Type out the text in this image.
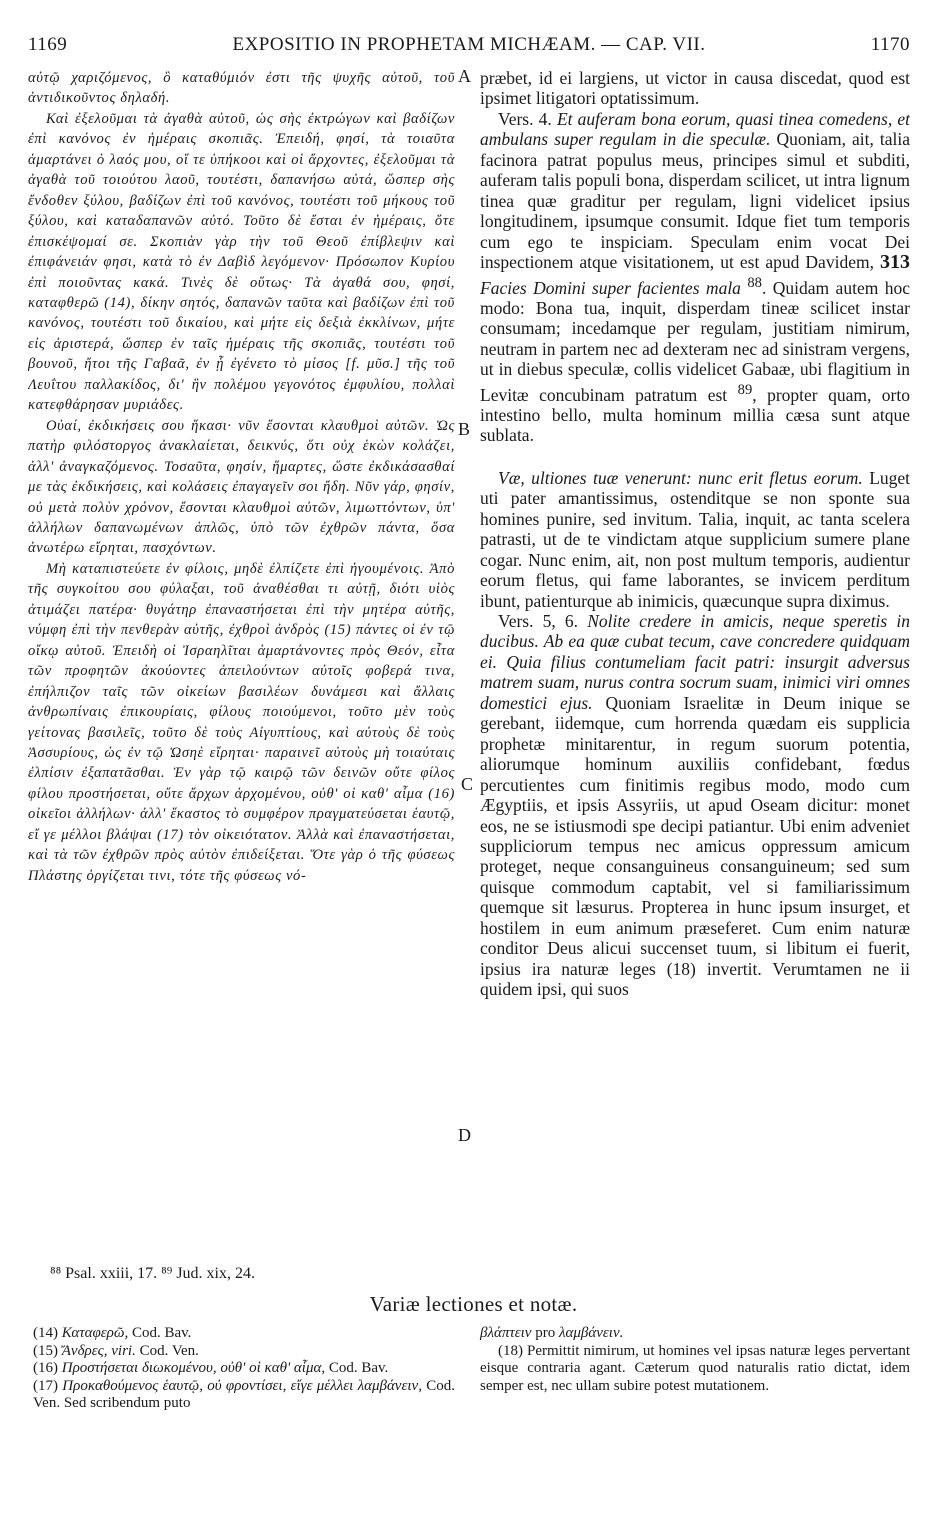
1169	EXPOSITIO IN PROPHETAM MICHÆAM. — CAP. VII.	1170

αὐτῷ χαριζόμενος, ὃ καταθύμιόν ἐστι τῆς ψυχῆς αὐτοῦ, τοῦ ἀντιδικοῦντος δηλαδή.

Καὶ ἐξελοῦμαι τὰ ἀγαθὰ αὐτοῦ, ὡς σὴς ἐκτρώγων καὶ βαδίζων ἐπὶ κανόνος ἐν ἡμέραις σκοπιᾶς. Ἐπειδή, φησί, τὰ τοιαῦτα ἁμαρτάνει ὁ λαός μου, οἵ τε ὑπήκοοι καὶ οἱ ἄρχοντες, ἐξελοῦμαι τὰ ἀγαθὰ τοῦ τοιούτου λαοῦ, τουτέστι, δαπανήσω αὐτά, ὥσπερ σὴς ἔνδοθεν ξύλου, βαδίζων ἐπὶ τοῦ κανόνος, τουτέστι τοῦ μήκους τοῦ ξύλου, καὶ καταδαπανῶν αὐτό. Τοῦτο δὲ ἔσται ἐν ἡμέραις, ὅτε ἐπισκέψομαί σε. Σκοπιὰν γὰρ τὴν τοῦ Θεοῦ ἐπίβλεψιν καὶ ἐπιφάνειάν φησι, κατὰ τὸ ἐν Δαβὶδ λεγόμενον· Πρόσωπον Κυρίου ἐπὶ ποιοῦντας κακά. Τινὲς δὲ οὕτως· Τὰ ἀγαθά σου, φησί, καταφθερῶ (14), δίκην σητός, δαπανῶν ταῦτα καὶ βαδίζων ἐπὶ τοῦ κανόνος, τουτέστι τοῦ δικαίου, καὶ μήτε εἰς δεξιὰ ἐκκλίνων, μήτε εἰς ἀριστερά, ὥσπερ ἐν ταῖς ἡμέραις τῆς σκοπιᾶς, τουτέστι τοῦ βουνοῦ, ἤτοι τῆς Γαβαᾶ, ἐν ᾗ ἐγένετο τὸ μίσος [f. μῦσ.] τῆς τοῦ Λευΐτου παλλακίδος, δι' ἣν πολέμου γεγονότος ἐμφυλίου, πολλαὶ κατεφθάρησαν μυριάδες.

Οὐαί, ἐκδικήσεις σου ἥκασι· νῦν ἔσονται κλαυθμοὶ αὐτῶν. Ὡς πατὴρ φιλόστοργος ἀνακλαίεται, δεικνύς, ὅτι οὐχ ἑκὼν κολάζει, ἀλλ' ἀναγκαζόμενος. Τοσαῦτα, φησίν, ἥμαρτες, ὥστε ἐκδικάσασθαί με τὰς ἐκδικήσεις, καὶ κολάσεις ἐπαγαγεῖν σοι ἤδη. Νῦν γάρ, φησίν, οὐ μετὰ πολὺν χρόνον, ἔσονται κλαυθμοὶ αὐτῶν, λιμωττόντων, ὑπ' ἀλλήλων δαπανωμένων ἁπλῶς, ὑπὸ τῶν ἐχθρῶν πάντα, ὅσα ἀνωτέρω εἴρηται, πασχόντων.

Μὴ καταπιστεύετε ἐν φίλοις, μηδὲ ἐλπίζετε ἐπὶ ἡγουμένοις. Ἀπὸ τῆς συγκοίτου σου φύλαξαι, τοῦ ἀναθέσθαι τι αὐτῇ, διότι υἱὸς ἀτιμάζει πατέρα· θυγάτηρ ἐπαναστήσεται ἐπὶ τὴν μητέρα αὐτῆς, νύμφη ἐπὶ τὴν πενθερὰν αὐτῆς, ἐχθροὶ ἀνδρὸς (15) πάντες οἱ ἐν τῷ οἴκῳ αὐτοῦ. Ἐπειδὴ οἱ Ἰσραηλῖται ἁμαρτάνοντες πρὸς Θεόν, εἶτα τῶν προφητῶν ἀκούοντες ἀπειλούντων αὐτοῖς φοβερά τινα, ἐπήλπιζον ταῖς τῶν οἰκείων βασιλέων δυνάμεσι καὶ ἄλλαις ἀνθρωπίναις ἐπικουρίαις, φίλους ποιούμενοι, τοῦτο μὲν τοὺς γείτονας βασιλεῖς, τοῦτο δὲ τοὺς Αἰγυπτίους, καὶ αὐτοὺς δὲ τοὺς Ἀσσυρίους, ὡς ἐν τῷ Ὡσηὲ εἴρηται· παραινεῖ αὐτοὺς μὴ τοιαύταις ἐλπίσιν ἐξαπατᾶσθαι. Ἐν γὰρ τῷ καιρῷ τῶν δεινῶν οὔτε φίλος φίλου προστήσεται, οὔτε ἄρχων ἀρχομένου, οὐθ' οἱ καθ' αἷμα (16) οἰκεῖοι ἀλλήλων· ἀλλ' ἕκαστος τὸ συμφέρον πραγματεύσεται ἑαυτῷ, εἴ γε μέλλοι βλάψαι (17) τὸν οἰκειότατον. Ἀλλὰ καὶ ἐπαναστήσεται, καὶ τὰ τῶν ἐχθρῶν πρὸς αὐτὸν ἐπιδείξεται. Ὅτε γὰρ ὁ τῆς φύσεως Πλάστης ὀργίζεται τινι, τότε τῆς φύσεως νό-

A
B
C
D

præbet, id ei largiens, ut victor in causa discedat, quod est ipsimet litigatori optatissimum.

Vers. 4. Et auferam bona eorum, quasi tinea comedens, et ambulans super regulam in die speculæ. Quoniam, ait, talia facinora patrat populus meus, principes simul et subditi, auferam talis populi bona, disperdam scilicet, ut intra lignum tinea quæ graditur per regulam, ligni videlicet ipsius longitudinem, ipsumque consumit. Idque fiet tum temporis cum ego te inspiciam. Speculam enim vocat Dei inspectionem atque visitationem, ut est apud Davidem, 313 Facies Domini super facientes mala $^{88}$. Quidam autem hoc modo: Bona tua, inquit, disperdam tineæ scilicet instar consumam; incedamque per regulam, justitiam nimirum, neutram in partem nec ad dexteram nec ad sinistram vergens, ut in diebus speculæ, collis videlicet Gabaæ, ubi flagitium in Levitæ concubinam patratum est $^{89}$, propter quam, orto intestino bello, multa hominum millia cæsa sunt atque sublata.

Væ, ultiones tuæ venerunt: nunc erit fletus eorum. Luget uti pater amantissimus, ostenditque se non sponte sua homines punire, sed invitum. Talia, inquit, ac tanta scelera patrasti, ut de te vindictam atque supplicium sumere plane cogar. Nunc enim, ait, non post multum temporis, audientur eorum fletus, qui fame laborantes, se invicem perditum ibunt, patienturque ab inimicis, quæcunque supra diximus.

Vers. 5, 6. Nolite credere in amicis, neque speretis in ducibus. Ab ea quæ cubat tecum, cave concredere quidquam ei. Quia filius contumeliam facit patri: insurgit adversus matrem suam, nurus contra socrum suam, inimici viri omnes domestici ejus. Quoniam Israelitæ in Deum inique se gerebant, iidemque, cum horrenda quædam eis supplicia prophetæ minitarentur, in regum suorum potentia, aliorumque hominum auxiliis confidebant, fœdus percutientes cum finitimis regibus modo, modo cum Ægyptiis, et ipsis Assyriis, ut apud Oseam dicitur: monet eos, ne se istiusmodi spe decipi patiantur. Ubi enim adveniet suppliciorum tempus nec amicus oppressum amicum proteget, neque consanguineus consanguineum; sed sum quisque commodum captabit, vel si familiarissimum quemque sit læsurus. Propterea in hunc ipsum insurget, et hostilem in eum animum præseferet. Cum enim naturæ conditor Deus alicui succenset tuum, si libitum ei fuerit, ipsius ira naturæ leges (18) invertit. Verumtamen ne ii quidem ipsi, qui suos

⁸⁸ Psal. xxiii, 17. ⁸⁹ Jud. xix, 24.
Variæ lectiones et notæ.

(14) Καταφερῶ, Cod. Bav.

(15) Ἄνδρες, viri. Cod. Ven.

(16) Προστήσεται διωκομένου, οὐθ' οἱ καθ' αἷμα, Cod. Bav.

(17) Προκαθούμενος ἑαυτῷ, οὐ φροντίσει, εἴγε μέλλει λαμβάνειν, Cod. Ven. Sed scribendum puto

βλάπτειν pro λαμβάνειν.

(18) Permittit nimirum, ut homines vel ipsas naturæ leges pervertant eisque contraria agant. Cæterum quod naturalis ratio dictat, idem semper est, nec ullam subire potest mutationem.
